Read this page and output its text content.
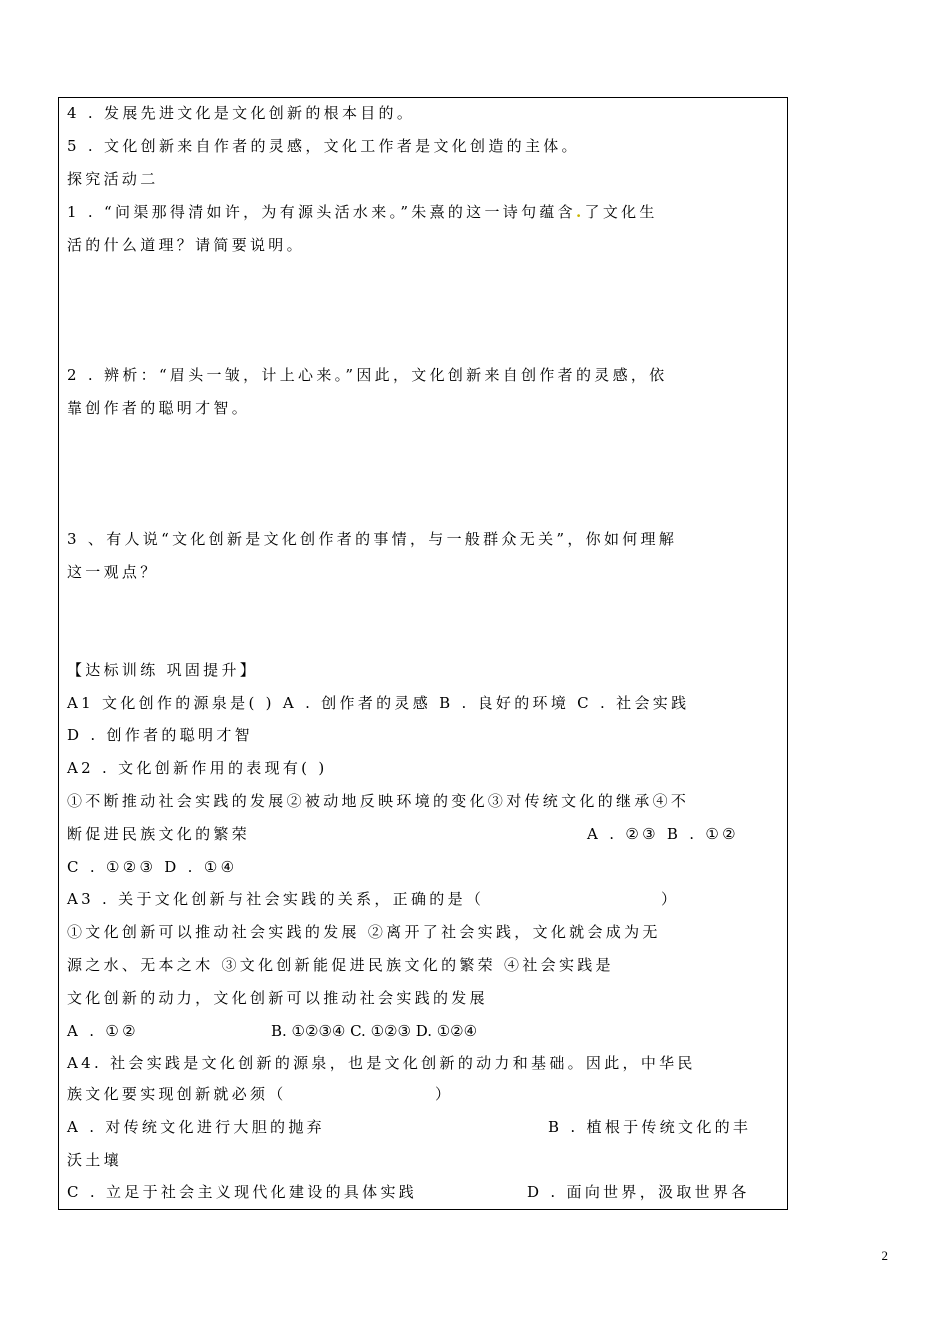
4 . 发展先进文化是文化创新的根本目的。
5 . 文化创新来自作者的灵感，文化工作者是文化创造的主体。
探究活动二
1 . “问渠那得清如许，为有源头活水来。”朱熹的这一诗句蕴含.了文化生
活的什么道理？请简要说明。
2 . 辨析：“眉头一皱，计上心来。”因此，文化创新来自创作者的灵感，依
靠创作者的聪明才智。
3 、有人说“文化创新是文化创作者的事情，与一般群众无关”，你如何理解
这一观点？
【达标训练 巩固提升】
A1 文化创作的源泉是( ) A . 创作者的灵感 B . 良好的环境 C . 社会实践
D . 创作者的聪明才智
A2 . 文化创新作用的表现有( )
①不断推动社会实践的发展②被动地反映环境的变化③对传统文化的继承④不
断促进民族文化的繁荣	A . ②③ B . ①②
C . ①②③ D . ①④
A3 . 关于文化创新与社会实践的关系，正确的是（	）
①文化创新可以推动社会实践的发展 ②离开了社会实践，文化就会成为无
源之水、无本之木 ③文化创新能促进民族文化的繁荣 ④社会实践是
文化创新的动力，文化创新可以推动社会实践的发展
A . ①②	B. ①②③④ C. ①②③ D. ①②④
A4. 社会实践是文化创新的源泉，也是文化创新的动力和基础。因此，中华民
族文化要实现创新就必须（	）
A . 对传统文化进行大胆的抛弃	B . 植根于传统文化的丰
沃土壤
C . 立足于社会主义现代化建设的具体实践	D . 面向世界，汲取世界各
2
